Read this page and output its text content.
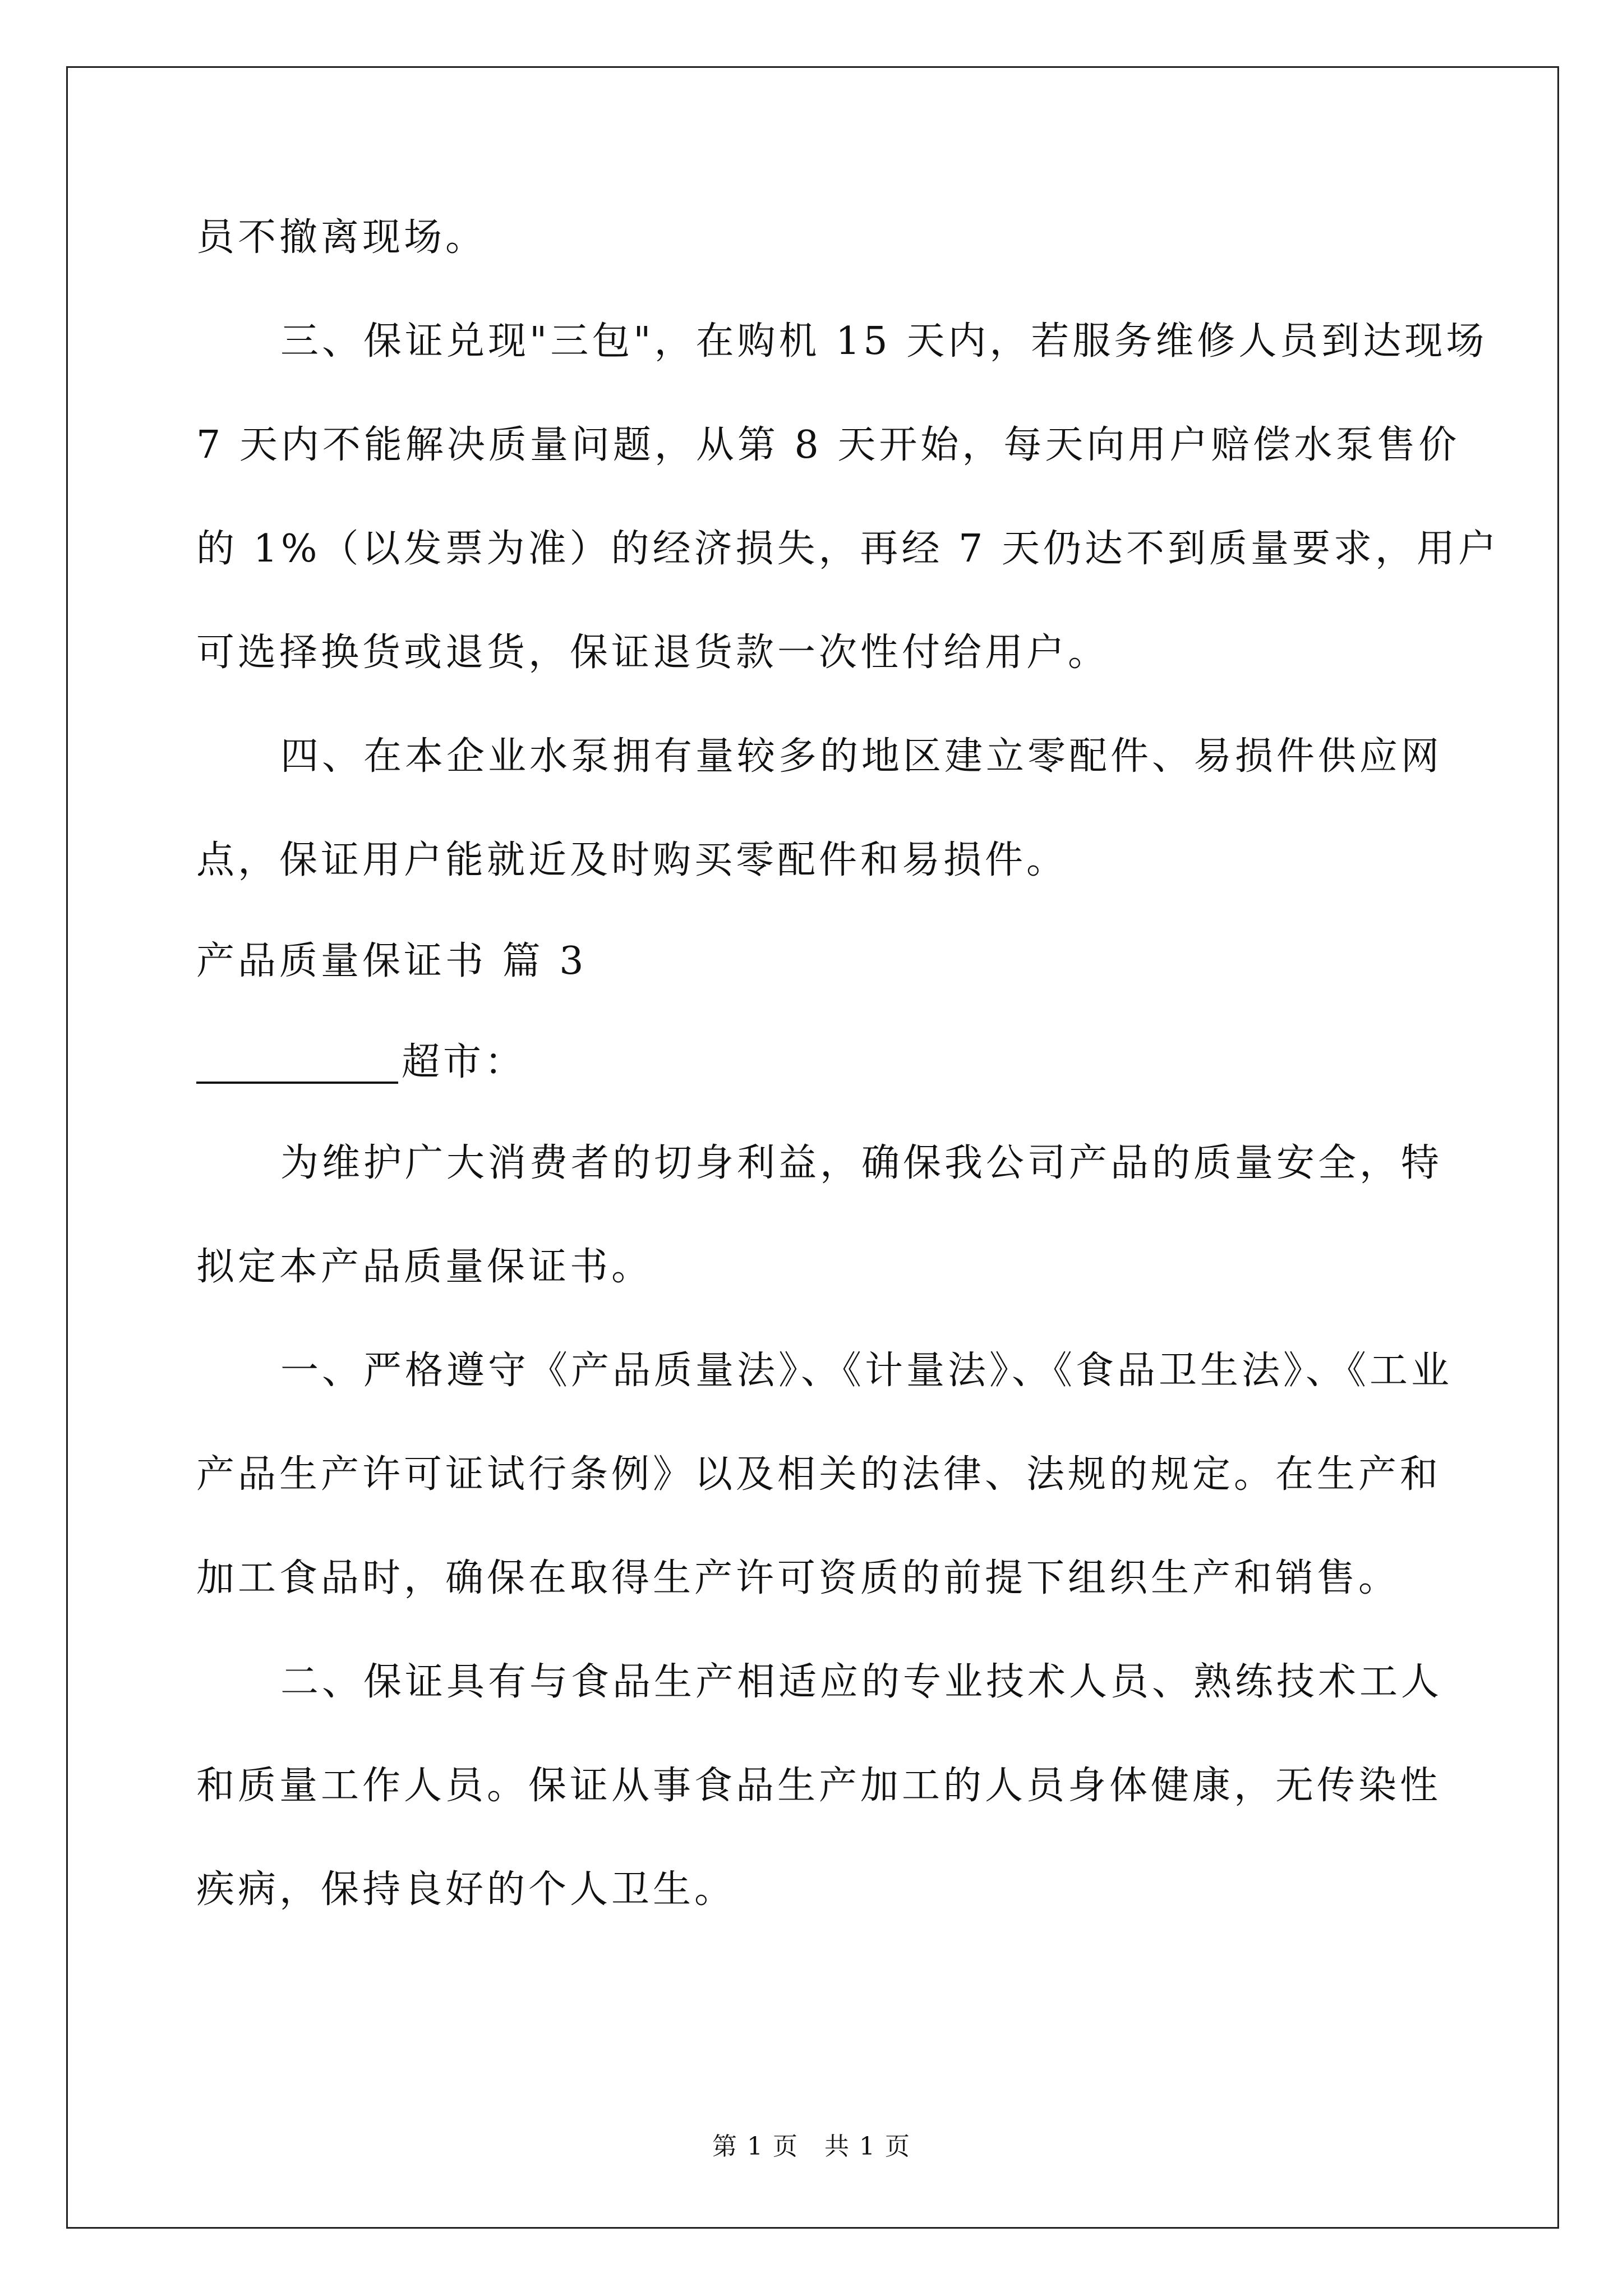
员不撤离现场。
三、保证兑现"三包"，在购机 15 天内，若服务维修人员到达现场
7 天内不能解决质量问题，从第 8 天开始，每天向用户赔偿水泵售价
的 1%（以发票为准）的经济损失，再经 7 天仍达不到质量要求，用户
可选择换货或退货，保证退货款一次性付给用户。
四、在本企业水泵拥有量较多的地区建立零配件、易损件供应网
点，保证用户能就近及时购买零配件和易损件。
产品质量保证书 篇 3
超市：
为维护广大消费者的切身利益，确保我公司产品的质量安全，特
拟定本产品质量保证书。
一、严格遵守《产品质量法》、《计量法》、《食品卫生法》、《工业
产品生产许可证试行条例》以及相关的法律、法规的规定。在生产和
加工食品时，确保在取得生产许可资质的前提下组织生产和销售。
二、保证具有与食品生产相适应的专业技术人员、熟练技术工人
和质量工作人员。保证从事食品生产加工的人员身体健康，无传染性
疾病，保持良好的个人卫生。
第 1 页　共 1 页
